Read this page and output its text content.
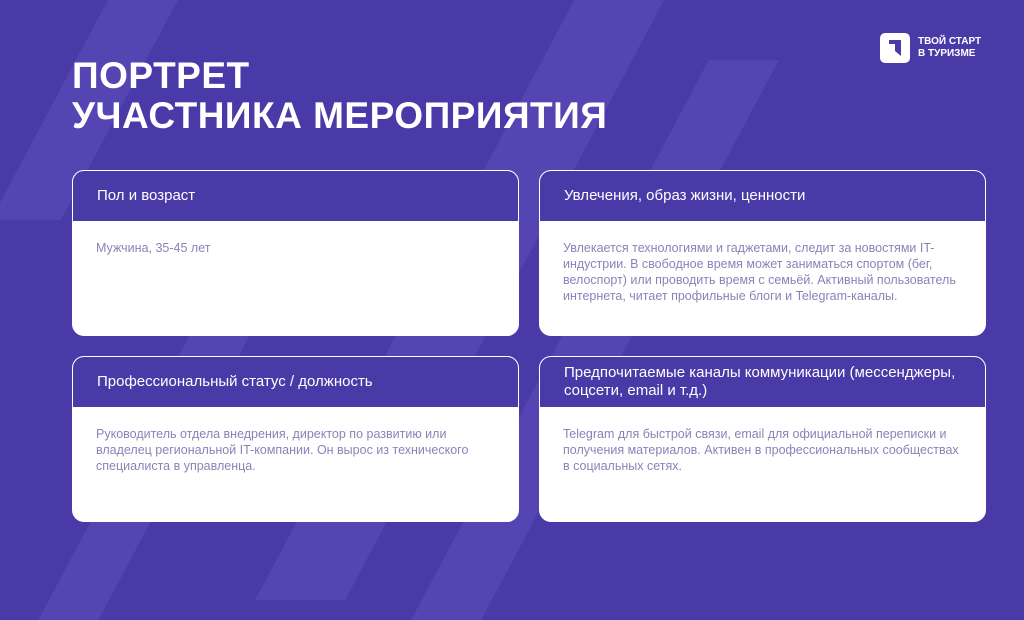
ПОРТРЕТ
УЧАСТНИКА МЕРОПРИЯТИЯ
ТВОЙ СТАРТ
В ТУРИЗМЕ
Пол и возраст
Мужчина, 35-45 лет
Увлечения, образ жизни, ценности
Увлекается технологиями и гаджетами, следит за новостями IT-индустрии. В свободное время может заниматься спортом (бег, велоспорт) или проводить время с семьёй. Активный пользователь интернета, читает профильные блоги и Telegram-каналы.
Профессиональный статус / должность
Руководитель отдела внедрения, директор по развитию или владелец региональной IT-компании. Он вырос из технического специалиста в управленца.
Предпочитаемые каналы коммуникации (мессенджеры, соцсети, email и т.д.)
Telegram для быстрой связи, email для официальной переписки и получения материалов. Активен в профессиональных сообществах в социальных сетях.
